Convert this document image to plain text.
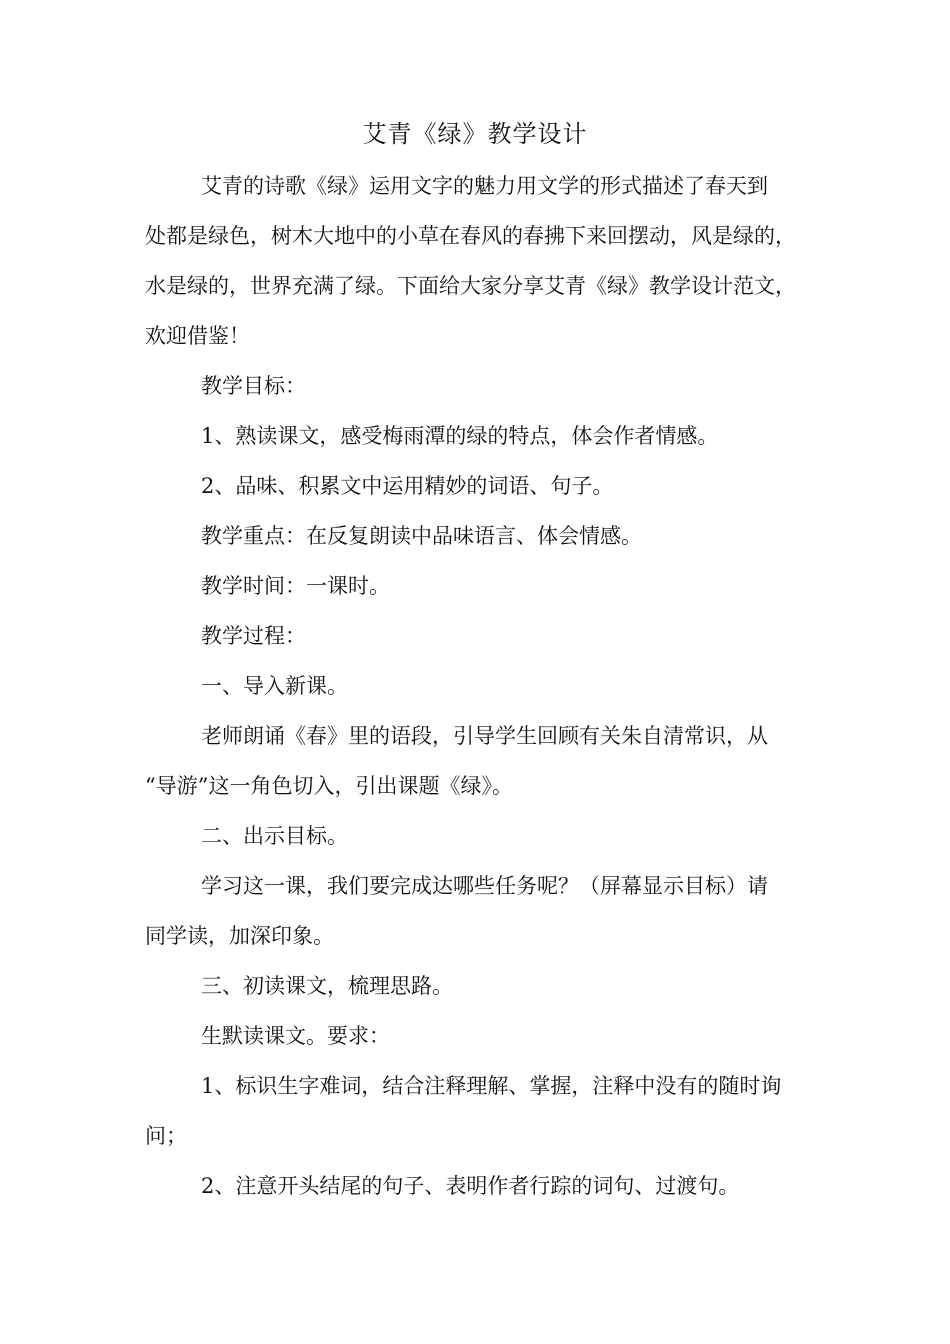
艾青《绿》教学设计
艾青的诗歌《绿》运用文字的魅力用文学的形式描述了春天到
处都是绿色，树木大地中的小草在春风的春拂下来回摆动，风是绿的，
水是绿的，世界充满了绿。下面给大家分享艾青《绿》教学设计范文，
欢迎借鉴！
教学目标：
1、熟读课文，感受梅雨潭的绿的特点，体会作者情感。
2、品味、积累文中运用精妙的词语、句子。
教学重点：在反复朗读中品味语言、体会情感。
教学时间：一课时。
教学过程：
一、导入新课。
老师朗诵《春》里的语段，引导学生回顾有关朱自清常识，从
“导游”这一角色切入，引出课题《绿》。
二、出示目标。
学习这一课，我们要完成达哪些任务呢？（屏幕显示目标）请
同学读，加深印象。
三、初读课文，梳理思路。
生默读课文。要求：
1、标识生字难词，结合注释理解、掌握，注释中没有的随时询
问；
2、注意开头结尾的句子、表明作者行踪的词句、过渡句。
